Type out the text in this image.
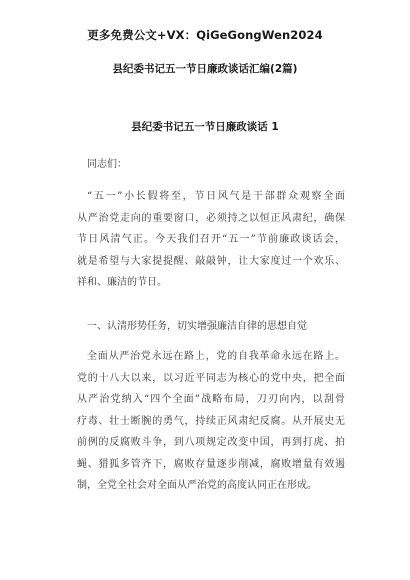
更多免费公文+VX：QiGeGongWen2024
县纪委书记五一节日廉政谈话汇编(2篇)
县纪委书记五一节日廉政谈话 1
同志们：
“五一”小长假将至，节日风气是干部群众观察全面
从严治党走向的重要窗口，必须持之以恒正风肃纪，确保
节日风清气正。今天我们召开“五一”节前廉政谈话会，
就是希望与大家提提醒、敲敲钟，让大家度过一个欢乐、
祥和、廉洁的节日。
一、认清形势任务，切实增强廉洁自律的思想自觉
全面从严治党永远在路上，党的自我革命永远在路上。
党的十八大以来，以习近平同志为核心的党中央，把全面
从严治党纳入“四个全面”战略布局，刀刃向内，以刮骨
疗毒、壮士断腕的勇气，持续正风肃纪反腐。从开展史无
前例的反腐败斗争，到八项规定改变中国，再到打虎、拍
蝇、猎狐多管齐下，腐败存量逐步削减，腐败增量有效遏
制，全党全社会对全面从严治党的高度认同正在形成。
